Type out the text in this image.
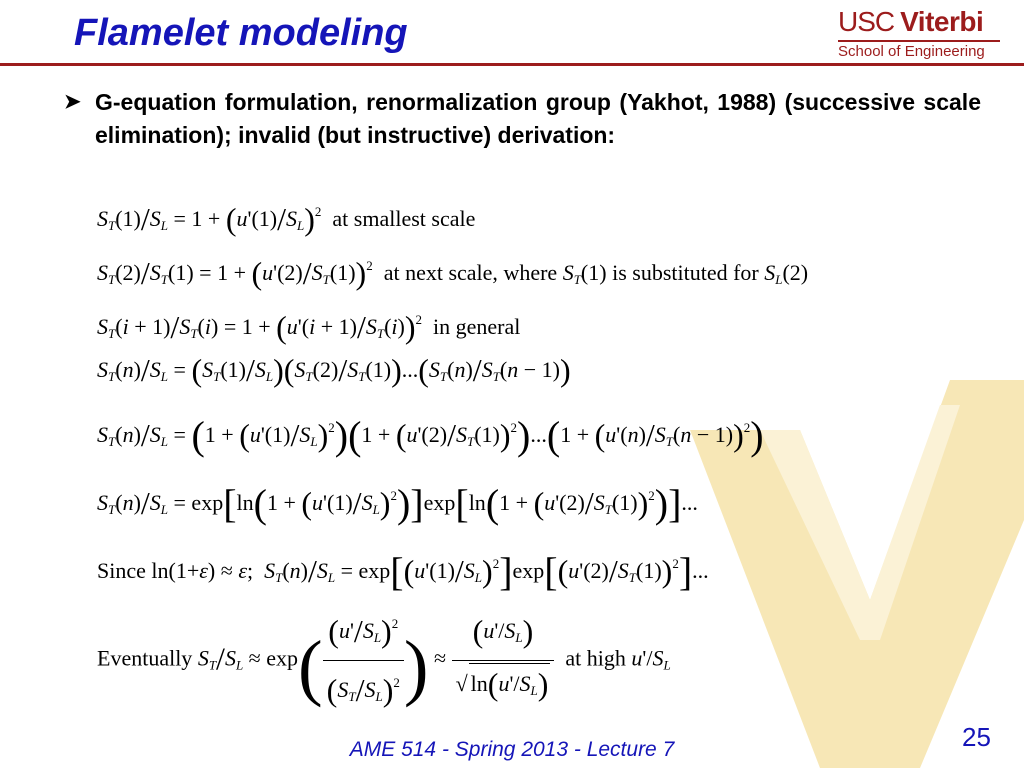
Flamelet modeling	USC Viterbi
School of Engineering
➤ G-equation formulation, renormalization group (Yakhot, 1988) (successive scale elimination); invalid (but instructive) derivation:
$S_T(1)/S_L = 1 + (u'(1)/S_L)^2$ at smallest scale
$S_T(2)/S_T(1) = 1 + (u'(2)/S_T(1))^2$ at next scale, where $S_T(1)$ is substituted for $S_L(2)$
$S_T(i + 1)/S_T(i) = 1 + (u'(i + 1)/S_T(i))^2$ in general
$S_T(n)/S_L = (S_T(1)/S_L)(S_T(2)/S_T(1))...(S_T(n)/S_T(n - 1))$
$S_T(n)/S_L = (1 + (u'(1)/S_L)^2)(1 + (u'(2)/S_T(1))^2)...(1 + (u'(n)/S_T(n - 1))^2)$
$S_T(n)/S_L = \exp[\ln(1 + (u'(1)/S_L)^2)]\exp[\ln(1 + (u'(2)/S_T(1))^2)]$...
Since ln(1+ε) ≈ ε;  $S_T(n)/S_L = \exp[(u'(1)/S_L)^2]\exp[(u'(2)/S_T(1))^2]$...
Eventually $S_T/S_L \approx \exp( \frac{(u'/S_L)^2}{(S_T/S_L)^2}$ ) ≈ $\frac{(u'/S_L)}{√ \ln(u'/S_L)}$ at high $u'/S_L$
AME 514 - Spring 2013 - Lecture 7	25
